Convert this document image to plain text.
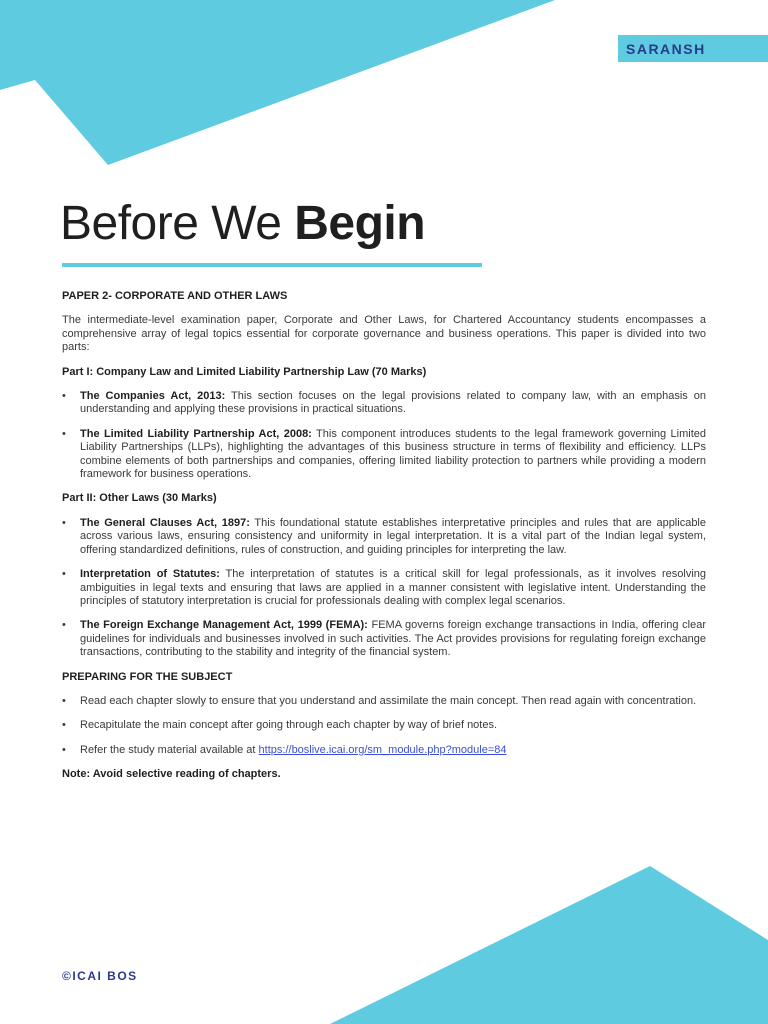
SARANSH
Before We Begin

PAPER 2- CORPORATE AND OTHER LAWS

The intermediate-level examination paper, Corporate and Other Laws, for Chartered Accountancy students encompasses a comprehensive array of legal topics essential for corporate governance and business operations. This paper is divided into two parts:

Part I: Company Law and Limited Liability Partnership Law (70 Marks)

• The Companies Act, 2013: This section focuses on the legal provisions related to company law, with an emphasis on understanding and applying these provisions in practical situations.
• The Limited Liability Partnership Act, 2008: This component introduces students to the legal framework governing Limited Liability Partnerships (LLPs), highlighting the advantages of this business structure in terms of flexibility and efficiency. LLPs combine elements of both partnerships and companies, offering limited liability protection to partners while providing a modern framework for business operations.

Part II: Other Laws (30 Marks)

• The General Clauses Act, 1897: This foundational statute establishes interpretative principles and rules that are applicable across various laws, ensuring consistency and uniformity in legal interpretation. It is a vital part of the Indian legal system, offering standardized definitions, rules of construction, and guiding principles for interpreting the law.
• Interpretation of Statutes: The interpretation of statutes is a critical skill for legal professionals, as it involves resolving ambiguities in legal texts and ensuring that laws are applied in a manner consistent with legislative intent. Understanding the principles of statutory interpretation is crucial for professionals dealing with complex legal scenarios.
• The Foreign Exchange Management Act, 1999 (FEMA): FEMA governs foreign exchange transactions in India, offering clear guidelines for individuals and businesses involved in such activities. The Act provides provisions for regulating foreign exchange transactions, contributing to the stability and integrity of the financial system.

PREPARING FOR THE SUBJECT

• Read each chapter slowly to ensure that you understand and assimilate the main concept. Then read again with concentration.
• Recapitulate the main concept after going through each chapter by way of brief notes.
• Refer the study material available at https://boslive.icai.org/sm_module.php?module=84

Note: Avoid selective reading of chapters.

©ICAI BOS
